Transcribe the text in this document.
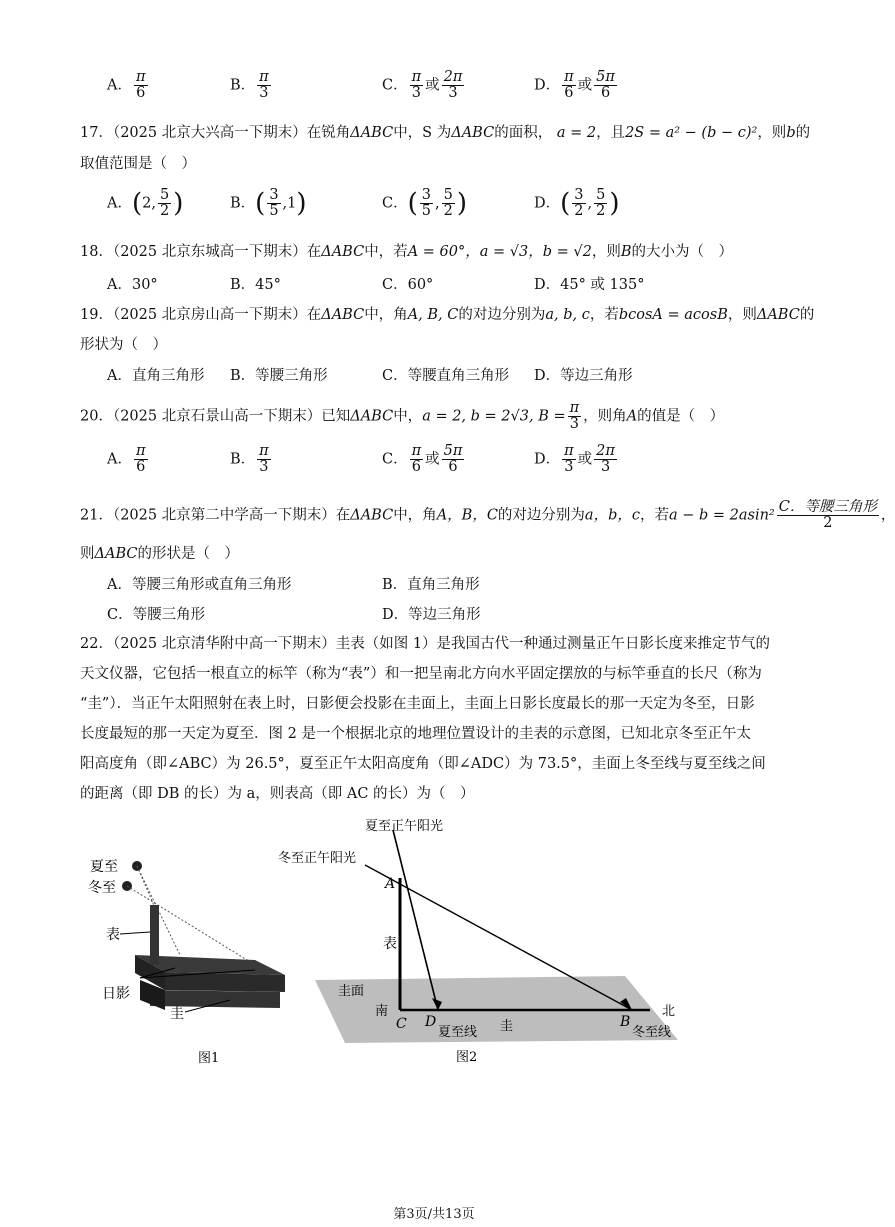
A． $\frac{\pi}{6}$	B． $\frac{\pi}{3}$	C． $\frac{\pi}{3}$ 或 $\frac{2\pi}{3}$	D． $\frac{\pi}{6}$ 或 $\frac{5\pi}{6}$
17．（2025 北京大兴高一下期末）在锐角ΔABC中，S 为ΔABC的面积， a = 2，且2S = a² − (b − c)²，则b的
取值范围是（　）
A．(2, $\frac{5}{2}$ )	B．( $\frac{3}{5} ,1$)	C．( $\frac{3}{5}$ , $\frac{5}{2}$ )	D．( $\frac{3}{2}$ , $\frac{5}{2}$ )
18．（2025 北京东城高一下期末）在ΔABC中，若A = 60°，a = √3，b = √2，则B的大小为（　）
A．30°	B．45°	C．60°	D．45° 或 135°
19．（2025 北京房山高一下期末）在ΔABC中，角A, B, C的对边分别为a, b, c，若bcosA = acosB，则ΔABC的
形状为（　）
A．直角三角形 B．等腰三角形	C．等腰直角三角形 D．等边三角形
20．（2025 北京石景山高一下期末）已知ΔABC中，a = 2, b = 2√3, $B = \frac{\pi}{3}$ ，则角A的值是（　）
A． $\frac{\pi}{6}$	B． $\frac{\pi}{3}$	C． $\frac{\pi}{6}$ 或 $\frac{5\pi}{6}$	D． $\frac{\pi}{3}$ 或 $\frac{2\pi}{3}$
21．（2025 北京第二中学高一下期末）在ΔABC中，角A，B，C的对边分别为a，b，c，若$a - b = 2asin^2 \frac{\text{C．等腰三角形}}{2}$ ，
则ΔABC的形状是（　）
A．等腰三角形或直角三角形	B．直角三角形
C．等腰三角形	D．等边三角形
22．（2025 北京清华附中高一下期末）圭表（如图 1）是我国古代一种通过测量正午日影长度来推定节气的
天文仪器，它包括一根直立的标竿（称为“表”）和一把呈南北方向水平固定摆放的与标竿垂直的长尺（称为
“圭”）．当正午太阳照射在表上时，日影便会投影在圭面上，圭面上日影长度最长的那一天定为冬至，日影
长度最短的那一天定为夏至．图 2 是一个根据北京的地理位置设计的圭表的示意图，已知北京冬至正午太
阳高度角（即∠ABC）为 26.5°，夏至正午太阳高度角（即∠ADC）为 73.5°，圭面上冬至线与夏至线之间
的距离（即 DB 的长）为 a，则表高（即 AC 的长）为（　）
夏至
冬至
表
日影
圭
图1
夏至正午阳光
冬至正午阳光
A
表
圭面
南
C D
夏至线 圭	B
北
冬至线
图2
第3页/共13页
